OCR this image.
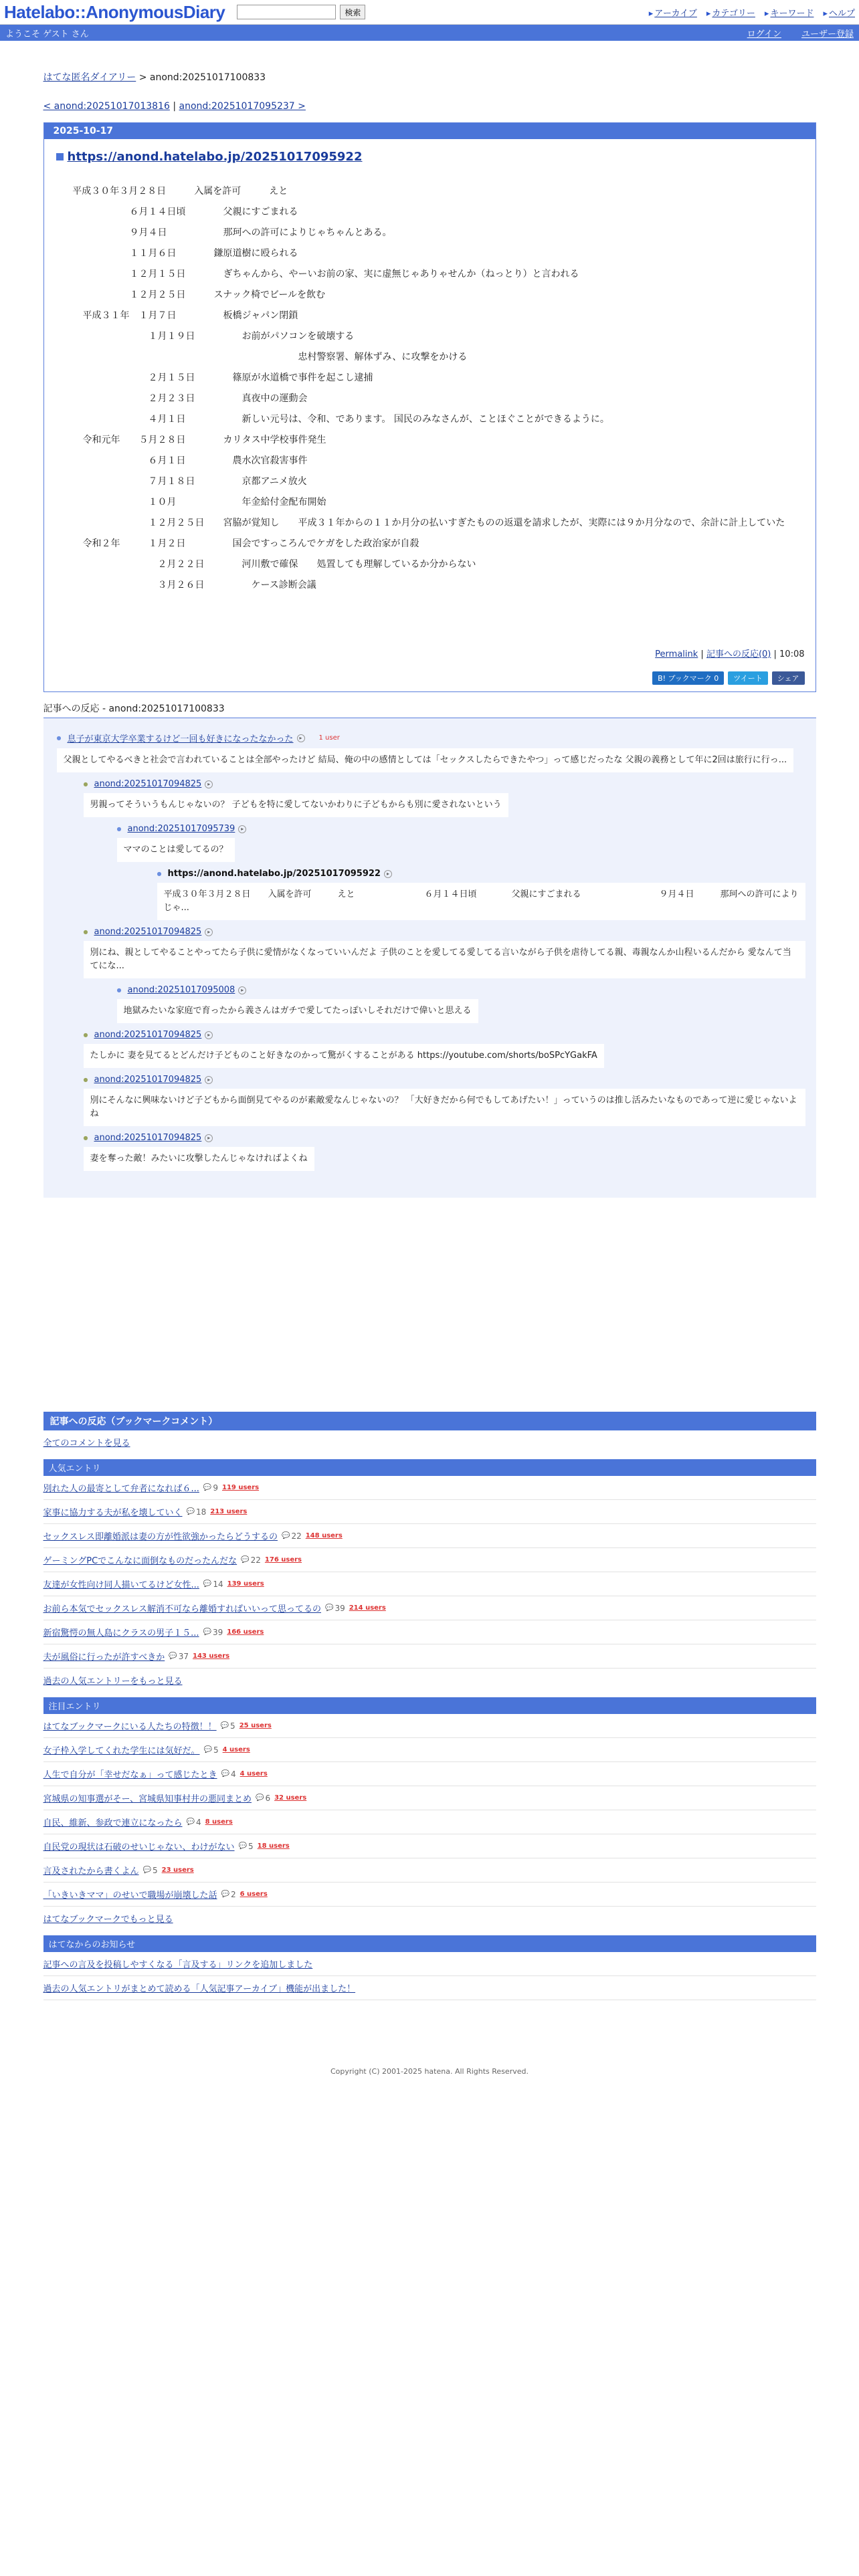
Hatelabo::AnonymousDiary	検索	▸ アーカイブ	▸ カテゴリー	▸ キーワード	▸ ヘルプ
ようこそ ゲスト さん	ログイン ユーザー登録
はてな匿名ダイアリー > anond:20251017100833
< anond:20251017013816 | anond:20251017095237 >
2025-10-17
https://anond.hatelabo.jp/20251017095922
平成３０年３月２８日　　　入属を許可　　　えと
　　　　　　　　６月１４日頃　　　　父親にすごまれる
　　　　　　　　９月４日　　　　　　那珂への許可によりじゃちゃんとある。
　　　　　　　　１１月６日　　　　鎌原道樹に殴られる
　　　　　　　　１２月１５日　　　　ぎちゃんから、やーいお前の家、実に虚無じゃありゃせんか（ねっとり）と言われる
　　　　　　　　１２月２５日　　　スナック椅でビールを飲む
　　　平成３１年　１月７日　　　　　板橋ジャパン閉鎖
　　　　　　　　　　１月１９日　　　　　お前がパソコンを破壊する
　　　　　　　　　　　　　　　　　　　　　　　　　　忠村警察署、解体ずみ、に攻撃をかける
　　　　　　　　　　２月１５日　　　　篠原が水道橋で事件を起こし逮捕
　　　　　　　　　　２月２３日　　　　　真夜中の運動会
　　　　　　　　　　４月１日　　　　　　新しい元号は、令和、であります。 国民のみなさんが、ことほぐことができるように。
　　　令和元年　　５月２８日　　　　カリタス中学校事件発生
　　　　　　　　　　６月１日　　　　　農水次官殺害事件
　　　　　　　　　　７月１８日　　　　　京都アニメ放火
　　　　　　　　　　１０月　　　　　　　年金給付金配布開始
　　　　　　　　　　１２月２５日　　宮脇が覚知し　　平成３１年からの１１か月分の払いすぎたものの返還を請求したが、実際には９か月分なので、余計に計上していた
　　　令和２年　　　１月２日　　　　　国会ですっころんでケガをした政治家が自殺
　　　　　　　　　　　２月２２日　　　　河川敷で確保　　処置しても理解しているか分からない
　　　　　　　　　　　３月２６日　　　　　ケース診断会議
Permalink | 記事への反応(0) | 10:08
B! ブックマーク 0	ツイート	シェア
記事への反応 - anond:20251017100833
● 息子が東京大学卒業するけど一回も好きになったなかった	▸	1 user
父親としてやるべきと社会で言われていることは全部やったけど 結局、俺の中の感情としては「セックスしたらできたやつ」って感じだったな 父親の義務として年に2回は旅行に行っ...
● anond:20251017094825	▸
男親ってそういうもんじゃないの？ 子どもを特に愛してないかわりに子どもからも別に愛されないという
● anond:20251017095739	▸
ママのことは愛してるの？
● https://anond.hatelabo.jp/20251017095922	▸
平成３０年３月２８日　　入属を許可　　　えと　　　　　　　　６月１４日頃　　　　父親にすごまれる　　　　　　　　　９月４日　　　那珂への許可によりじゃ...
● anond:20251017094825	▸
別にね、親としてやることやってたら子供に愛情がなくなっていいんだよ 子供のことを愛してる愛してる言いながら子供を虐待してる親、毒親なんか山程いるんだから 愛なんて当てにな...
● anond:20251017095008	▸
地獄みたいな家庭で育ったから義さんはガチで愛してたっぽいしそれだけで偉いと思える
● anond:20251017094825	▸
たしかに 妻を見てるとどんだけ子どものこと好きなのかって驚がくすることがある https://youtube.com/shorts/boSPcYGakFA
● anond:20251017094825	▸
別にそんなに興味ないけど子どもから面倒見てやるのが素敵愛なんじゃないの？ 「大好きだから何でもしてあげたい！」っていうのは推し活みたいなものであって逆に愛じゃないよね
● anond:20251017094825	▸
妻を奪った敵！みたいに攻撃したんじゃなければよくね
記事への反応（ブックマークコメント）
全てのコメントを見る
人気エントリ
別れた人の最寄として弁者になれば６...	💬 9 119 users
家事に協力する夫が私を壊していく	💬 18 213 users
セックスレス即離婚派は妻の方が性欲強かったらどうするの	💬 22 148 users
ゲーミングPCでこんなに面倒なものだったんだな	💬 22 176 users
友達が女性向け同人描いてるけど女性...	💬 14 139 users
お前ら本気でセックスレス解消不可なら離婚すればいいって思ってるの	💬 39 214 users
新宿驚愕の無人島にクラスの男子１５...	💬 39 166 users
夫が風俗に行ったが許すべきか	💬 37 143 users
過去の人気エントリーをもっと見る
注目エントリ
はてなブックマークにいる人たちの特徴！！	💬 5 25 users
女子枠入学してくれた学生には気好だ。	💬 5 4 users
人生で自分が「幸せだなぁ」って感じたとき	💬 4 4 users
宮城県の知事選がそー、宮城県知事村井の悪同まとめ	💬 6 32 users
自民、維新、参政で連立になったら	💬 4 8 users
自民党の現状は石破のせいじゃない、わけがない	💬 5 18 users
言及されたから書くよん	💬 5 23 users
「いきいきママ」のせいで職場が崩壊した話	💬 2 6 users
はてなブックマークでもっと見る
はてなからのお知らせ
記事への言及を投稿しやすくなる「言及する」リンクを追加しました
過去の人気エントリがまとめて読める「人気記事アーカイブ」機能が出ました！
Copyright (C) 2001-2025 hatena. All Rights Reserved.
